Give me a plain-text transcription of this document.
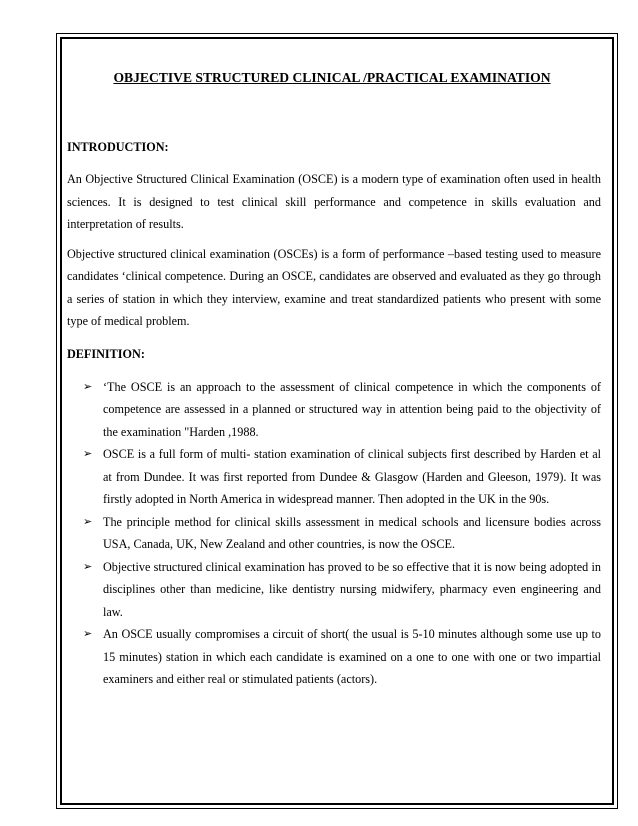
OBJECTIVE STRUCTURED CLINICAL /PRACTICAL EXAMINATION
INTRODUCTION:

An Objective Structured Clinical Examination (OSCE) is a modern type of examination often used in health sciences. It is designed to test clinical skill performance and competence in skills evaluation and interpretation of results.

Objective structured clinical examination (OSCEs) is a form of performance –based testing used to measure candidates ‘clinical competence. During an OSCE, candidates are observed and evaluated as they go through a series of station in which they interview, examine and treat standardized patients who present with some type of medical problem.

DEFINITION:
➢ ‘The OSCE is an approach to the assessment of clinical competence in which the components of competence are assessed in a planned or structured way in attention being paid to the objectivity of the examination "Harden ,1988.
➢ OSCE is a full form of multi- station examination of clinical subjects first described by Harden et al at from Dundee. It was first reported from Dundee & Glasgow (Harden and Gleeson, 1979). It was firstly adopted in North America in widespread manner. Then adopted in the UK in the 90s.
➢ The principle method for clinical skills assessment in medical schools and licensure bodies across USA, Canada, UK, New Zealand and other countries, is now the OSCE.
➢ Objective structured clinical examination has proved to be so effective that it is now being adopted in disciplines other than medicine, like dentistry nursing midwifery, pharmacy even engineering and law.
➢ An OSCE usually compromises a circuit of short( the usual is 5-10 minutes although some use up to 15 minutes) station in which each candidate is examined on a one to one with one or two impartial examiners and either real or stimulated patients (actors).
